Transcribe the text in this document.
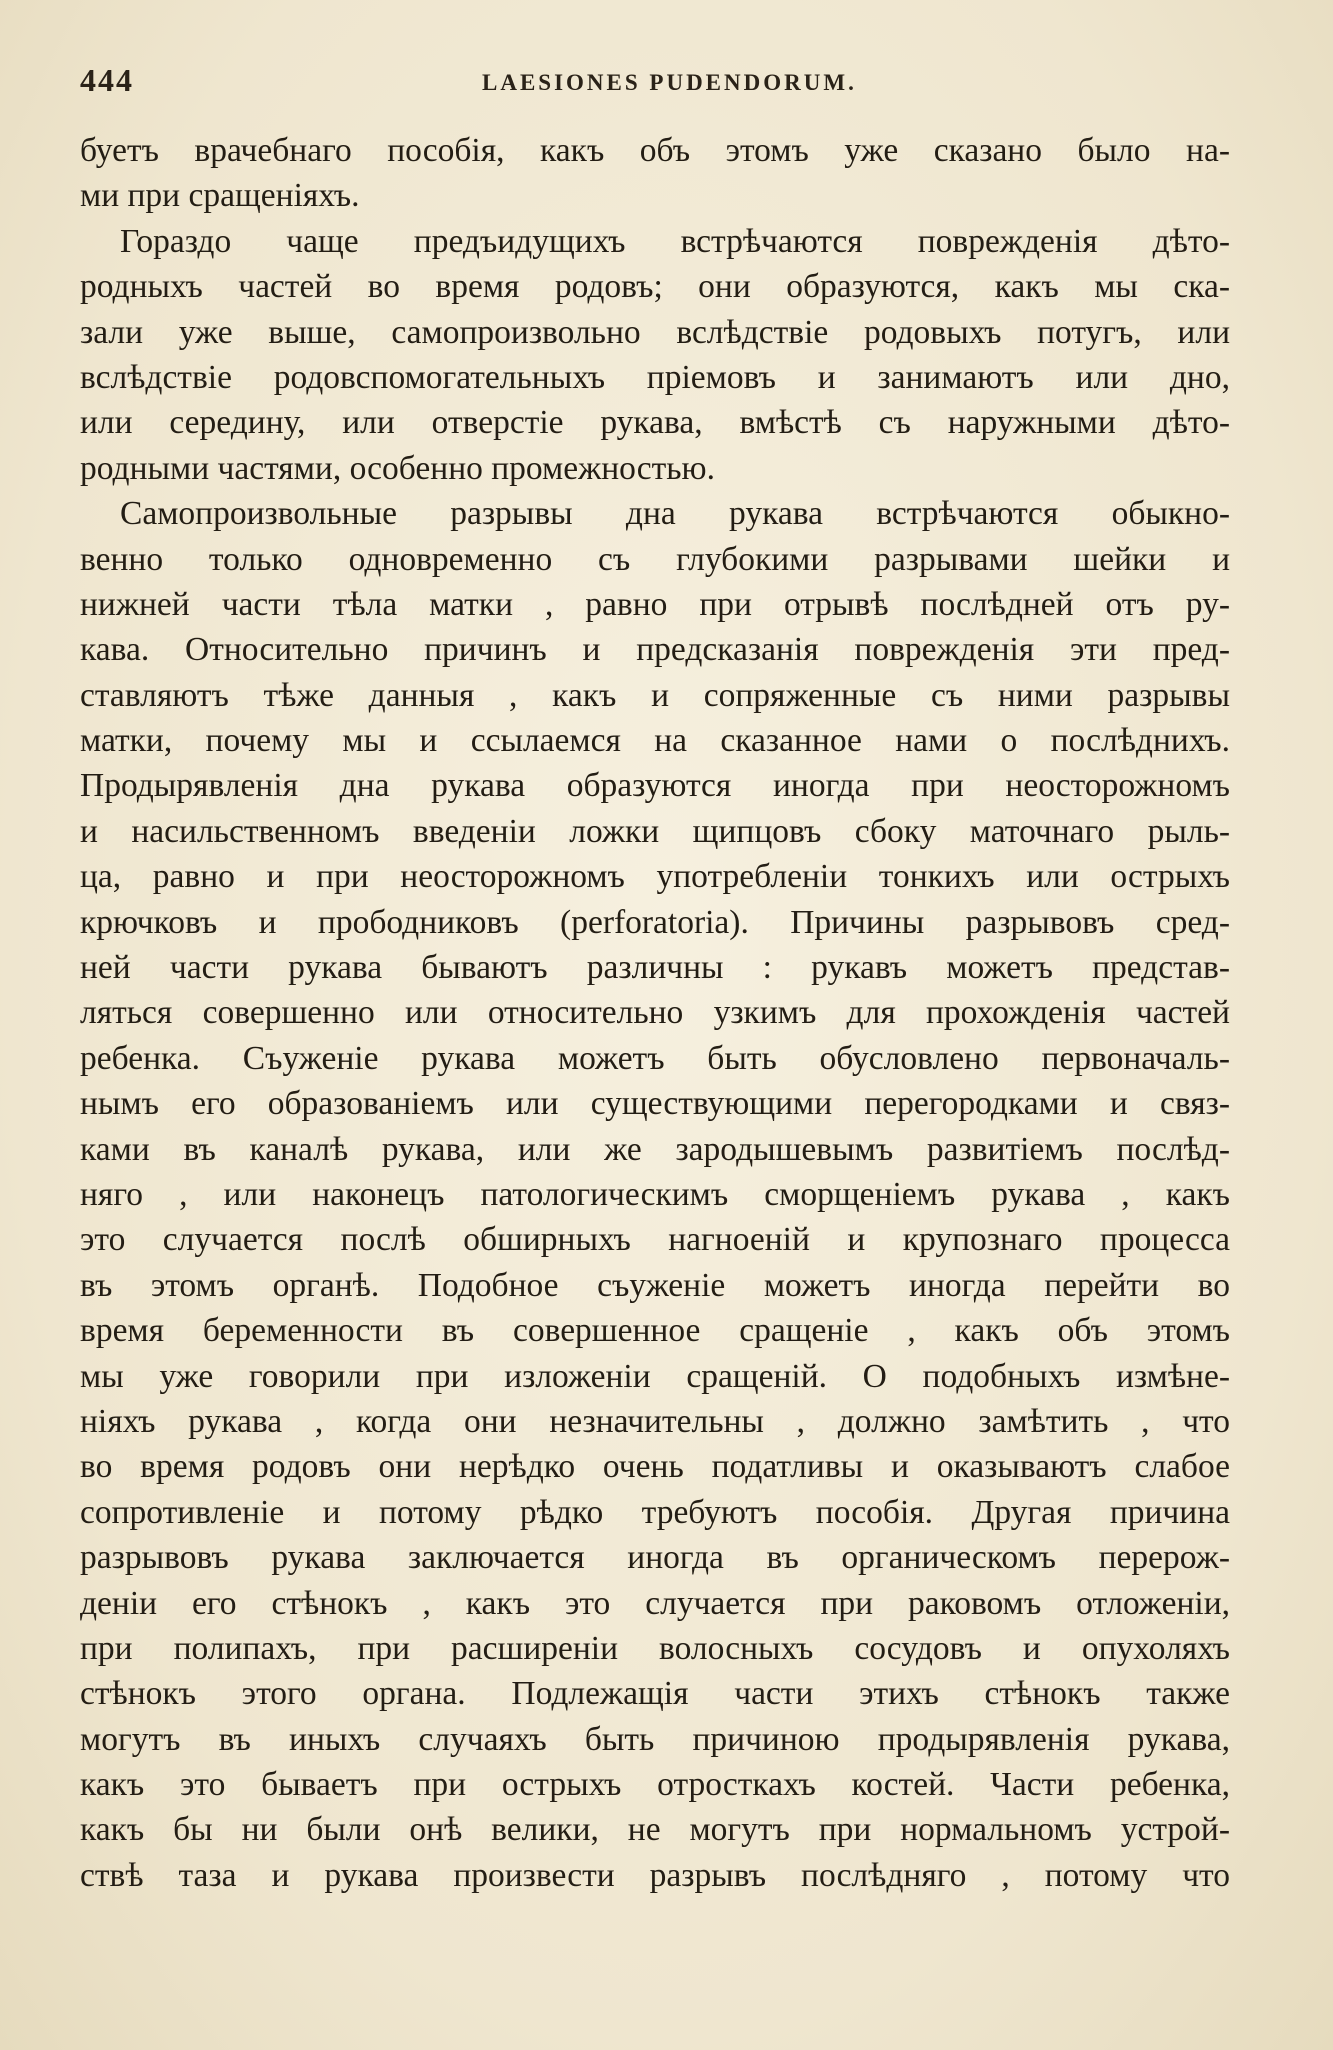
444	LAESIONES PUDENDORUM.
буетъ врачебнаго пособія, какъ объ этомъ уже сказано было на-
ми при сращеніяхъ.
Гораздо чаще предъидущихъ встрѣчаются поврежденія дѣто-
родныхъ частей во время родовъ; они образуются, какъ мы ска-
зали уже выше, самопроизвольно вслѣдствіе родовыхъ потугъ, или
вслѣдствіе родовспомогательныхъ пріемовъ и занимаютъ или дно,
или середину, или отверстіе рукава, вмѣстѣ съ наружными дѣто-
родными частями, особенно промежностью.
Самопроизвольные разрывы дна рукава встрѣчаются обыкно-
венно только одновременно съ глубокими разрывами шейки и
нижней части тѣла матки , равно при отрывѣ послѣдней отъ ру-
кава. Относительно причинъ и предсказанія поврежденія эти пред-
ставляютъ тѣже данныя , какъ и сопряженные съ ними разрывы
матки, почему мы и ссылаемся на сказанное нами о послѣднихъ.
Продырявленія дна рукава образуются иногда при неосторожномъ
и насильственномъ введеніи ложки щипцовъ сбоку маточнаго рыль-
ца, равно и при неосторожномъ употребленіи тонкихъ или острыхъ
крючковъ и прободниковъ (perforatoria). Причины разрывовъ сред-
ней части рукава бываютъ различны : рукавъ можетъ представ-
ляться совершенно или относительно узкимъ для прохожденія частей
ребенка. Съуженіе рукава можетъ быть обусловлено первоначаль-
нымъ его образованіемъ или существующими перегородками и связ-
ками въ каналѣ рукава, или же зародышевымъ развитіемъ послѣд-
няго , или наконецъ патологическимъ сморщеніемъ рукава , какъ
это случается послѣ обширныхъ нагноеній и крупознаго процесса
въ этомъ органѣ. Подобное съуженіе можетъ иногда перейти во
время беременности въ совершенное сращеніе , какъ объ этомъ
мы уже говорили при изложеніи сращеній. О подобныхъ измѣне-
ніяхъ рукава , когда они незначительны , должно замѣтить , что
во время родовъ они нерѣдко очень податливы и оказываютъ слабое
сопротивленіе и потому рѣдко требуютъ пособія. Другая причина
разрывовъ рукава заключается иногда въ органическомъ перерож-
деніи его стѣнокъ , какъ это случается при раковомъ отложеніи,
при полипахъ, при расширеніи волосныхъ сосудовъ и опухоляхъ
стѣнокъ этого органа. Подлежащія части этихъ стѣнокъ также
могутъ въ иныхъ случаяхъ быть причиною продырявленія рукава,
какъ это бываетъ при острыхъ отросткахъ костей. Части ребенка,
какъ бы ни были онѣ велики, не могутъ при нормальномъ устрой-
ствѣ таза и рукава произвести разрывъ послѣдняго , потому что
